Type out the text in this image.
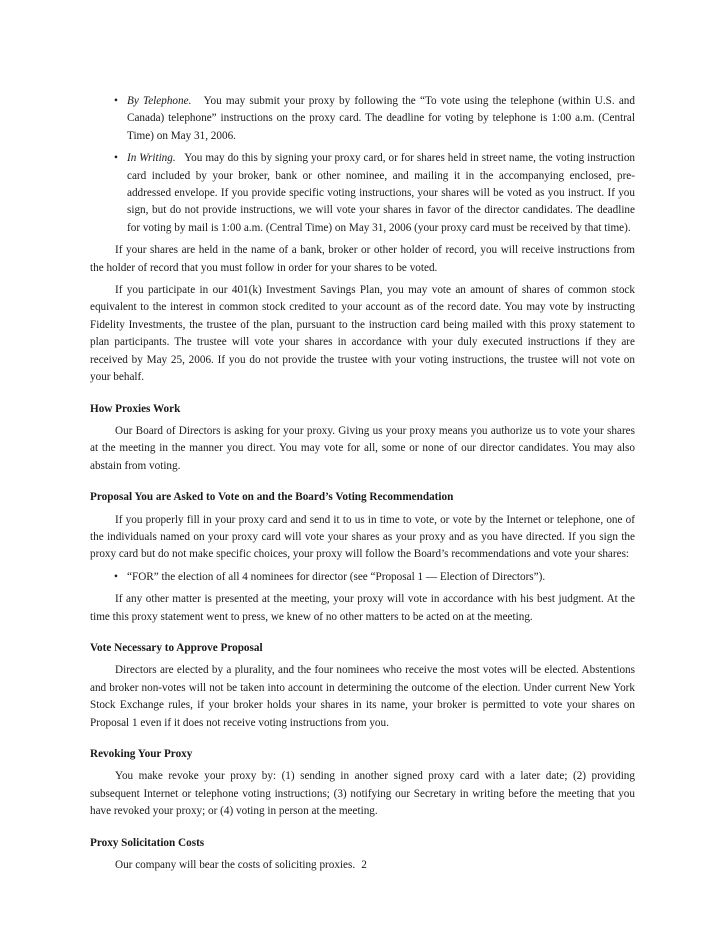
• By Telephone. You may submit your proxy by following the “To vote using the telephone (within U.S. and Canada) telephone” instructions on the proxy card. The deadline for voting by telephone is 1:00 a.m. (Central Time) on May 31, 2006.

• In Writing. You may do this by signing your proxy card, or for shares held in street name, the voting instruction card included by your broker, bank or other nominee, and mailing it in the accompanying enclosed, pre-addressed envelope. If you provide specific voting instructions, your shares will be voted as you instruct. If you sign, but do not provide instructions, we will vote your shares in favor of the director candidates. The deadline for voting by mail is 1:00 a.m. (Central Time) on May 31, 2006 (your proxy card must be received by that time).

If your shares are held in the name of a bank, broker or other holder of record, you will receive instructions from the holder of record that you must follow in order for your shares to be voted.

If you participate in our 401(k) Investment Savings Plan, you may vote an amount of shares of common stock equivalent to the interest in common stock credited to your account as of the record date. You may vote by instructing Fidelity Investments, the trustee of the plan, pursuant to the instruction card being mailed with this proxy statement to plan participants. The trustee will vote your shares in accordance with your duly executed instructions if they are received by May 25, 2006. If you do not provide the trustee with your voting instructions, the trustee will not vote on your behalf.

How Proxies Work

Our Board of Directors is asking for your proxy. Giving us your proxy means you authorize us to vote your shares at the meeting in the manner you direct. You may vote for all, some or none of our director candidates. You may also abstain from voting.

Proposal You are Asked to Vote on and the Board’s Voting Recommendation

If you properly fill in your proxy card and send it to us in time to vote, or vote by the Internet or telephone, one of the individuals named on your proxy card will vote your shares as your proxy and as you have directed. If you sign the proxy card but do not make specific choices, your proxy will follow the Board’s recommendations and vote your shares:

• “FOR” the election of all 4 nominees for director (see “Proposal 1 — Election of Directors”).

If any other matter is presented at the meeting, your proxy will vote in accordance with his best judgment. At the time this proxy statement went to press, we knew of no other matters to be acted on at the meeting.

Vote Necessary to Approve Proposal

Directors are elected by a plurality, and the four nominees who receive the most votes will be elected. Abstentions and broker non-votes will not be taken into account in determining the outcome of the election. Under current New York Stock Exchange rules, if your broker holds your shares in its name, your broker is permitted to vote your shares on Proposal 1 even if it does not receive voting instructions from you.

Revoking Your Proxy

You make revoke your proxy by: (1) sending in another signed proxy card with a later date; (2) providing subsequent Internet or telephone voting instructions; (3) notifying our Secretary in writing before the meeting that you have revoked your proxy; or (4) voting in person at the meeting.

Proxy Solicitation Costs

Our company will bear the costs of soliciting proxies. 2
